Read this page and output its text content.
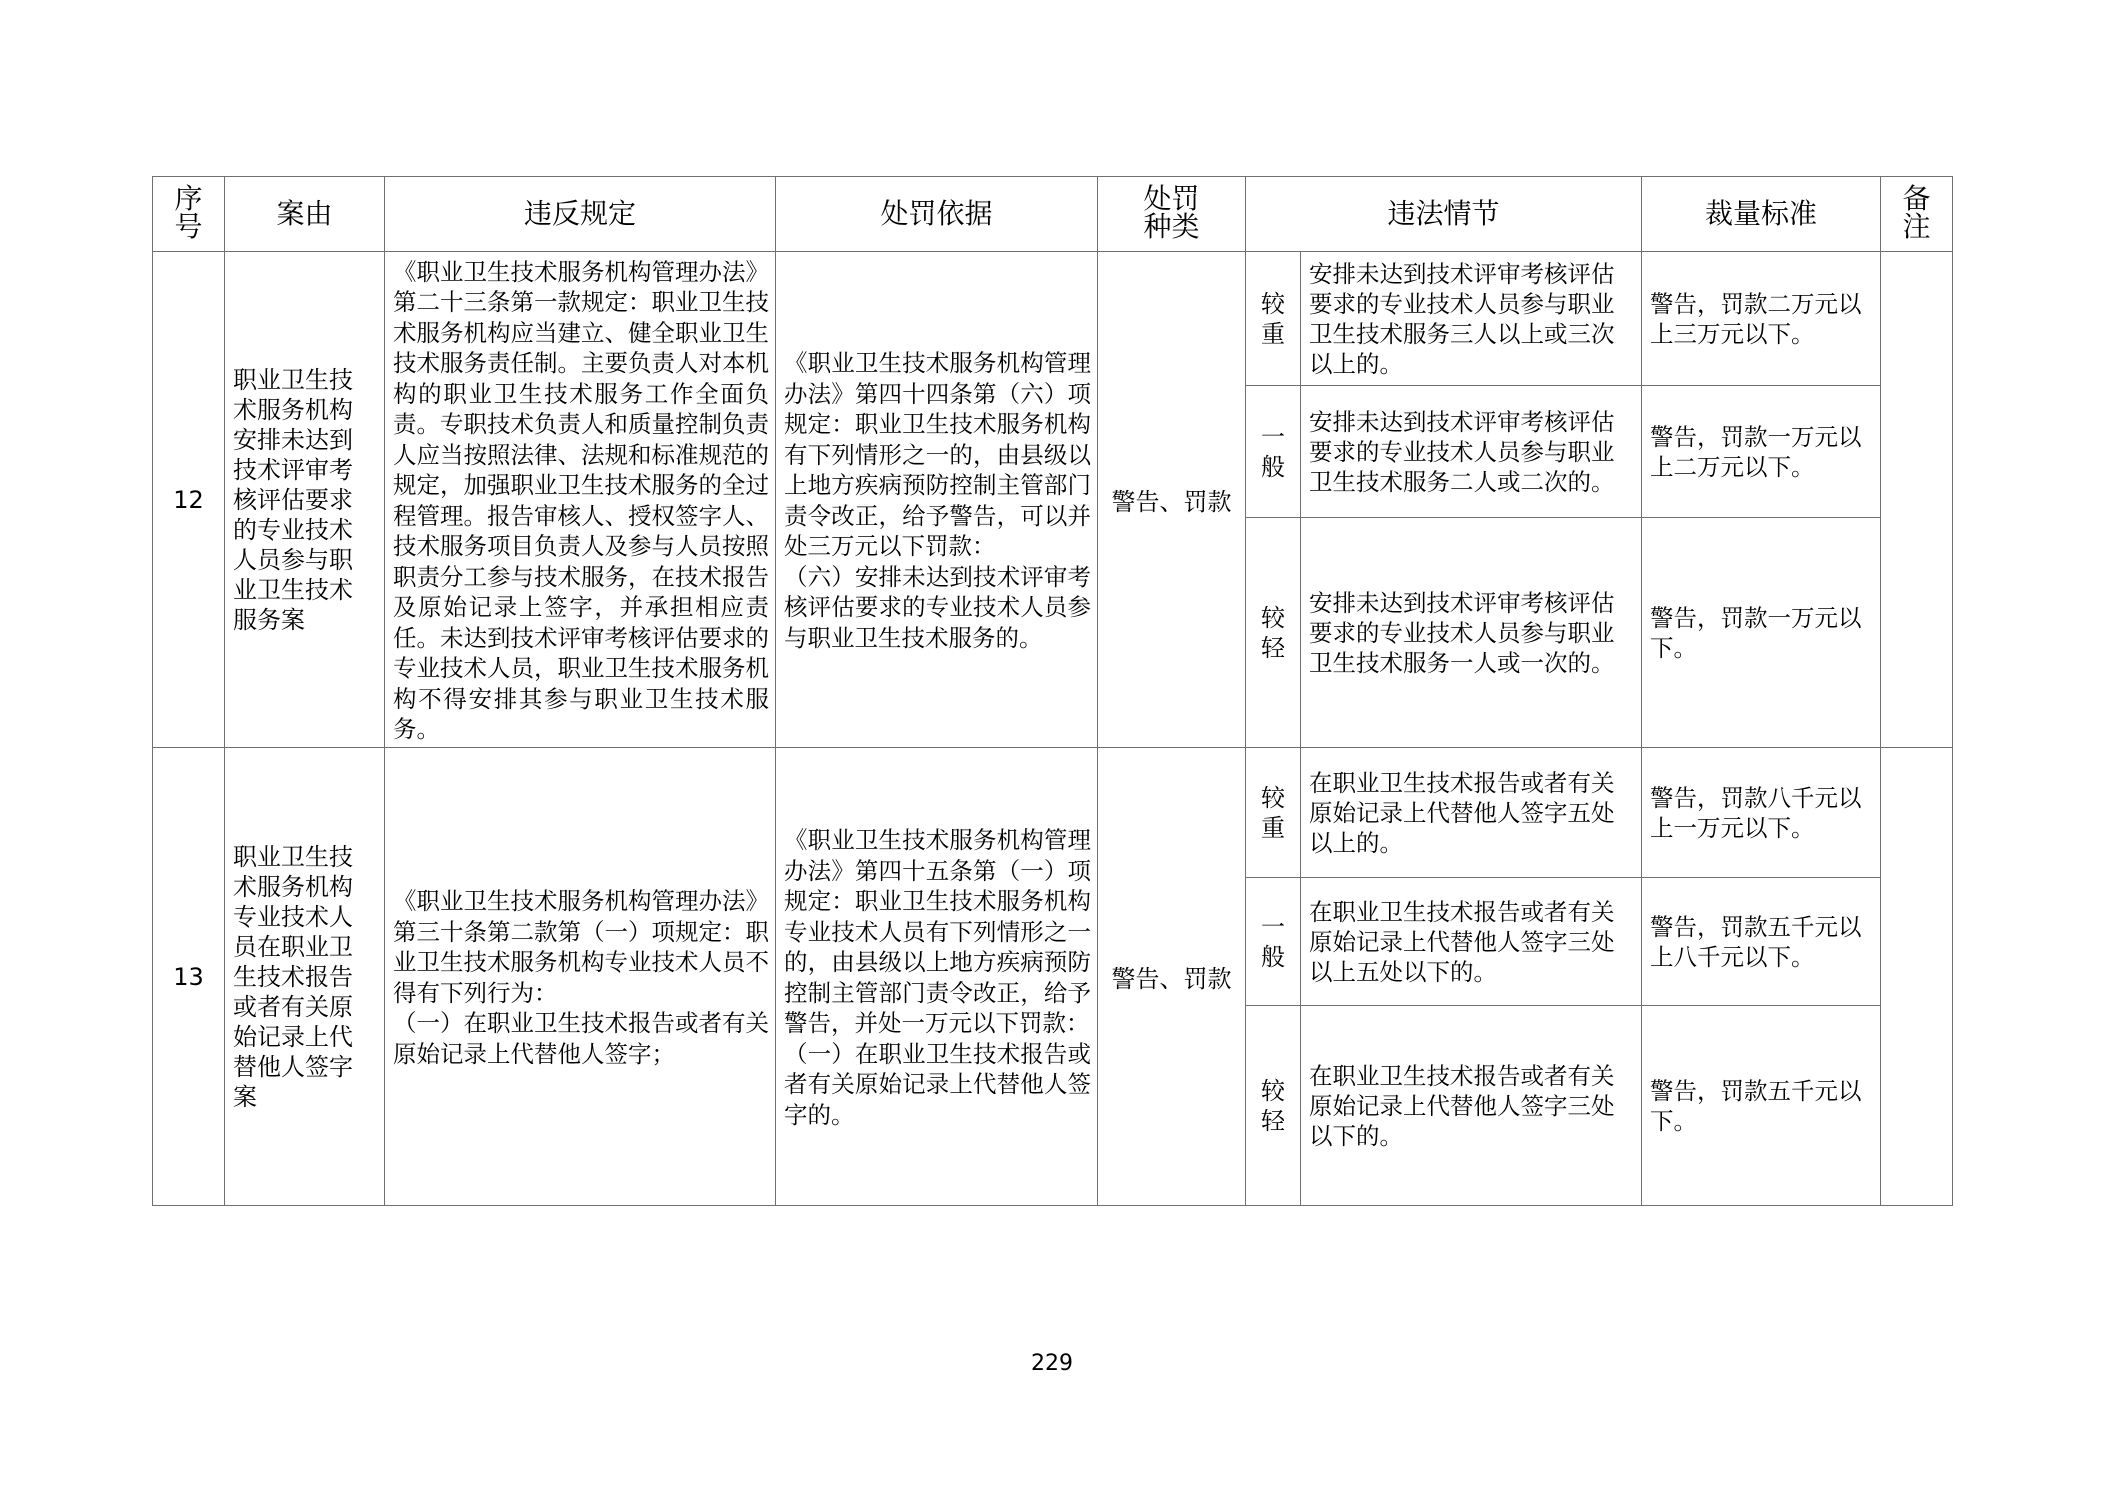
序号	案由	违反规定	处罚依据	处罚种类	违法情节		裁量标准	备注
12	职业卫生技术服务机构安排未达到技术评审考核评估要求的专业技术人员参与职业卫生技术服务案	《职业卫生技术服务机构管理办法》第二十三条第一款规定：职业卫生技术服务机构应当建立、健全职业卫生技术服务责任制。主要负责人对本机构的职业卫生技术服务工作全面负责。专职技术负责人和质量控制负责人应当按照法律、法规和标准规范的规定，加强职业卫生技术服务的全过程管理。报告审核人、授权签字人、技术服务项目负责人及参与人员按照职责分工参与技术服务，在技术报告及原始记录上签字，并承担相应责任。未达到技术评审考核评估要求的专业技术人员，职业卫生技术服务机构不得安排其参与职业卫生技术服务。	《职业卫生技术服务机构管理办法》第四十四条第（六）项规定：职业卫生技术服务机构有下列情形之一的，由县级以上地方疾病预防控制主管部门责令改正，给予警告，可以并处三万元以下罚款：
（六）安排未达到技术评审考核评估要求的专业技术人员参与职业卫生技术服务的。	警告、罚款	较重	安排未达到技术评审考核评估要求的专业技术人员参与职业卫生技术服务三人以上或三次以上的。	警告，罚款二万元以上三万元以下。	
					一般	安排未达到技术评审考核评估要求的专业技术人员参与职业卫生技术服务二人或二次的。	警告，罚款一万元以上二万元以下。	
					较轻	安排未达到技术评审考核评估要求的专业技术人员参与职业卫生技术服务一人或一次的。	警告，罚款一万元以下。	
13	职业卫生技术服务机构专业技术人员在职业卫生技术报告或者有关原始记录上代替他人签字案	《职业卫生技术服务机构管理办法》第三十条第二款第（一）项规定：职业卫生技术服务机构专业技术人员不得有下列行为：
（一）在职业卫生技术报告或者有关原始记录上代替他人签字；	《职业卫生技术服务机构管理办法》第四十五条第（一）项规定：职业卫生技术服务机构专业技术人员有下列情形之一的，由县级以上地方疾病预防控制主管部门责令改正，给予警告，并处一万元以下罚款：
（一）在职业卫生技术报告或者有关原始记录上代替他人签字的。	警告、罚款	较重	在职业卫生技术报告或者有关原始记录上代替他人签字五处以上的。	警告，罚款八千元以上一万元以下。	
					一般	在职业卫生技术报告或者有关原始记录上代替他人签字三处以上五处以下的。	警告，罚款五千元以上八千元以下。	
					较轻	在职业卫生技术报告或者有关原始记录上代替他人签字三处以下的。	警告，罚款五千元以下。	
229
